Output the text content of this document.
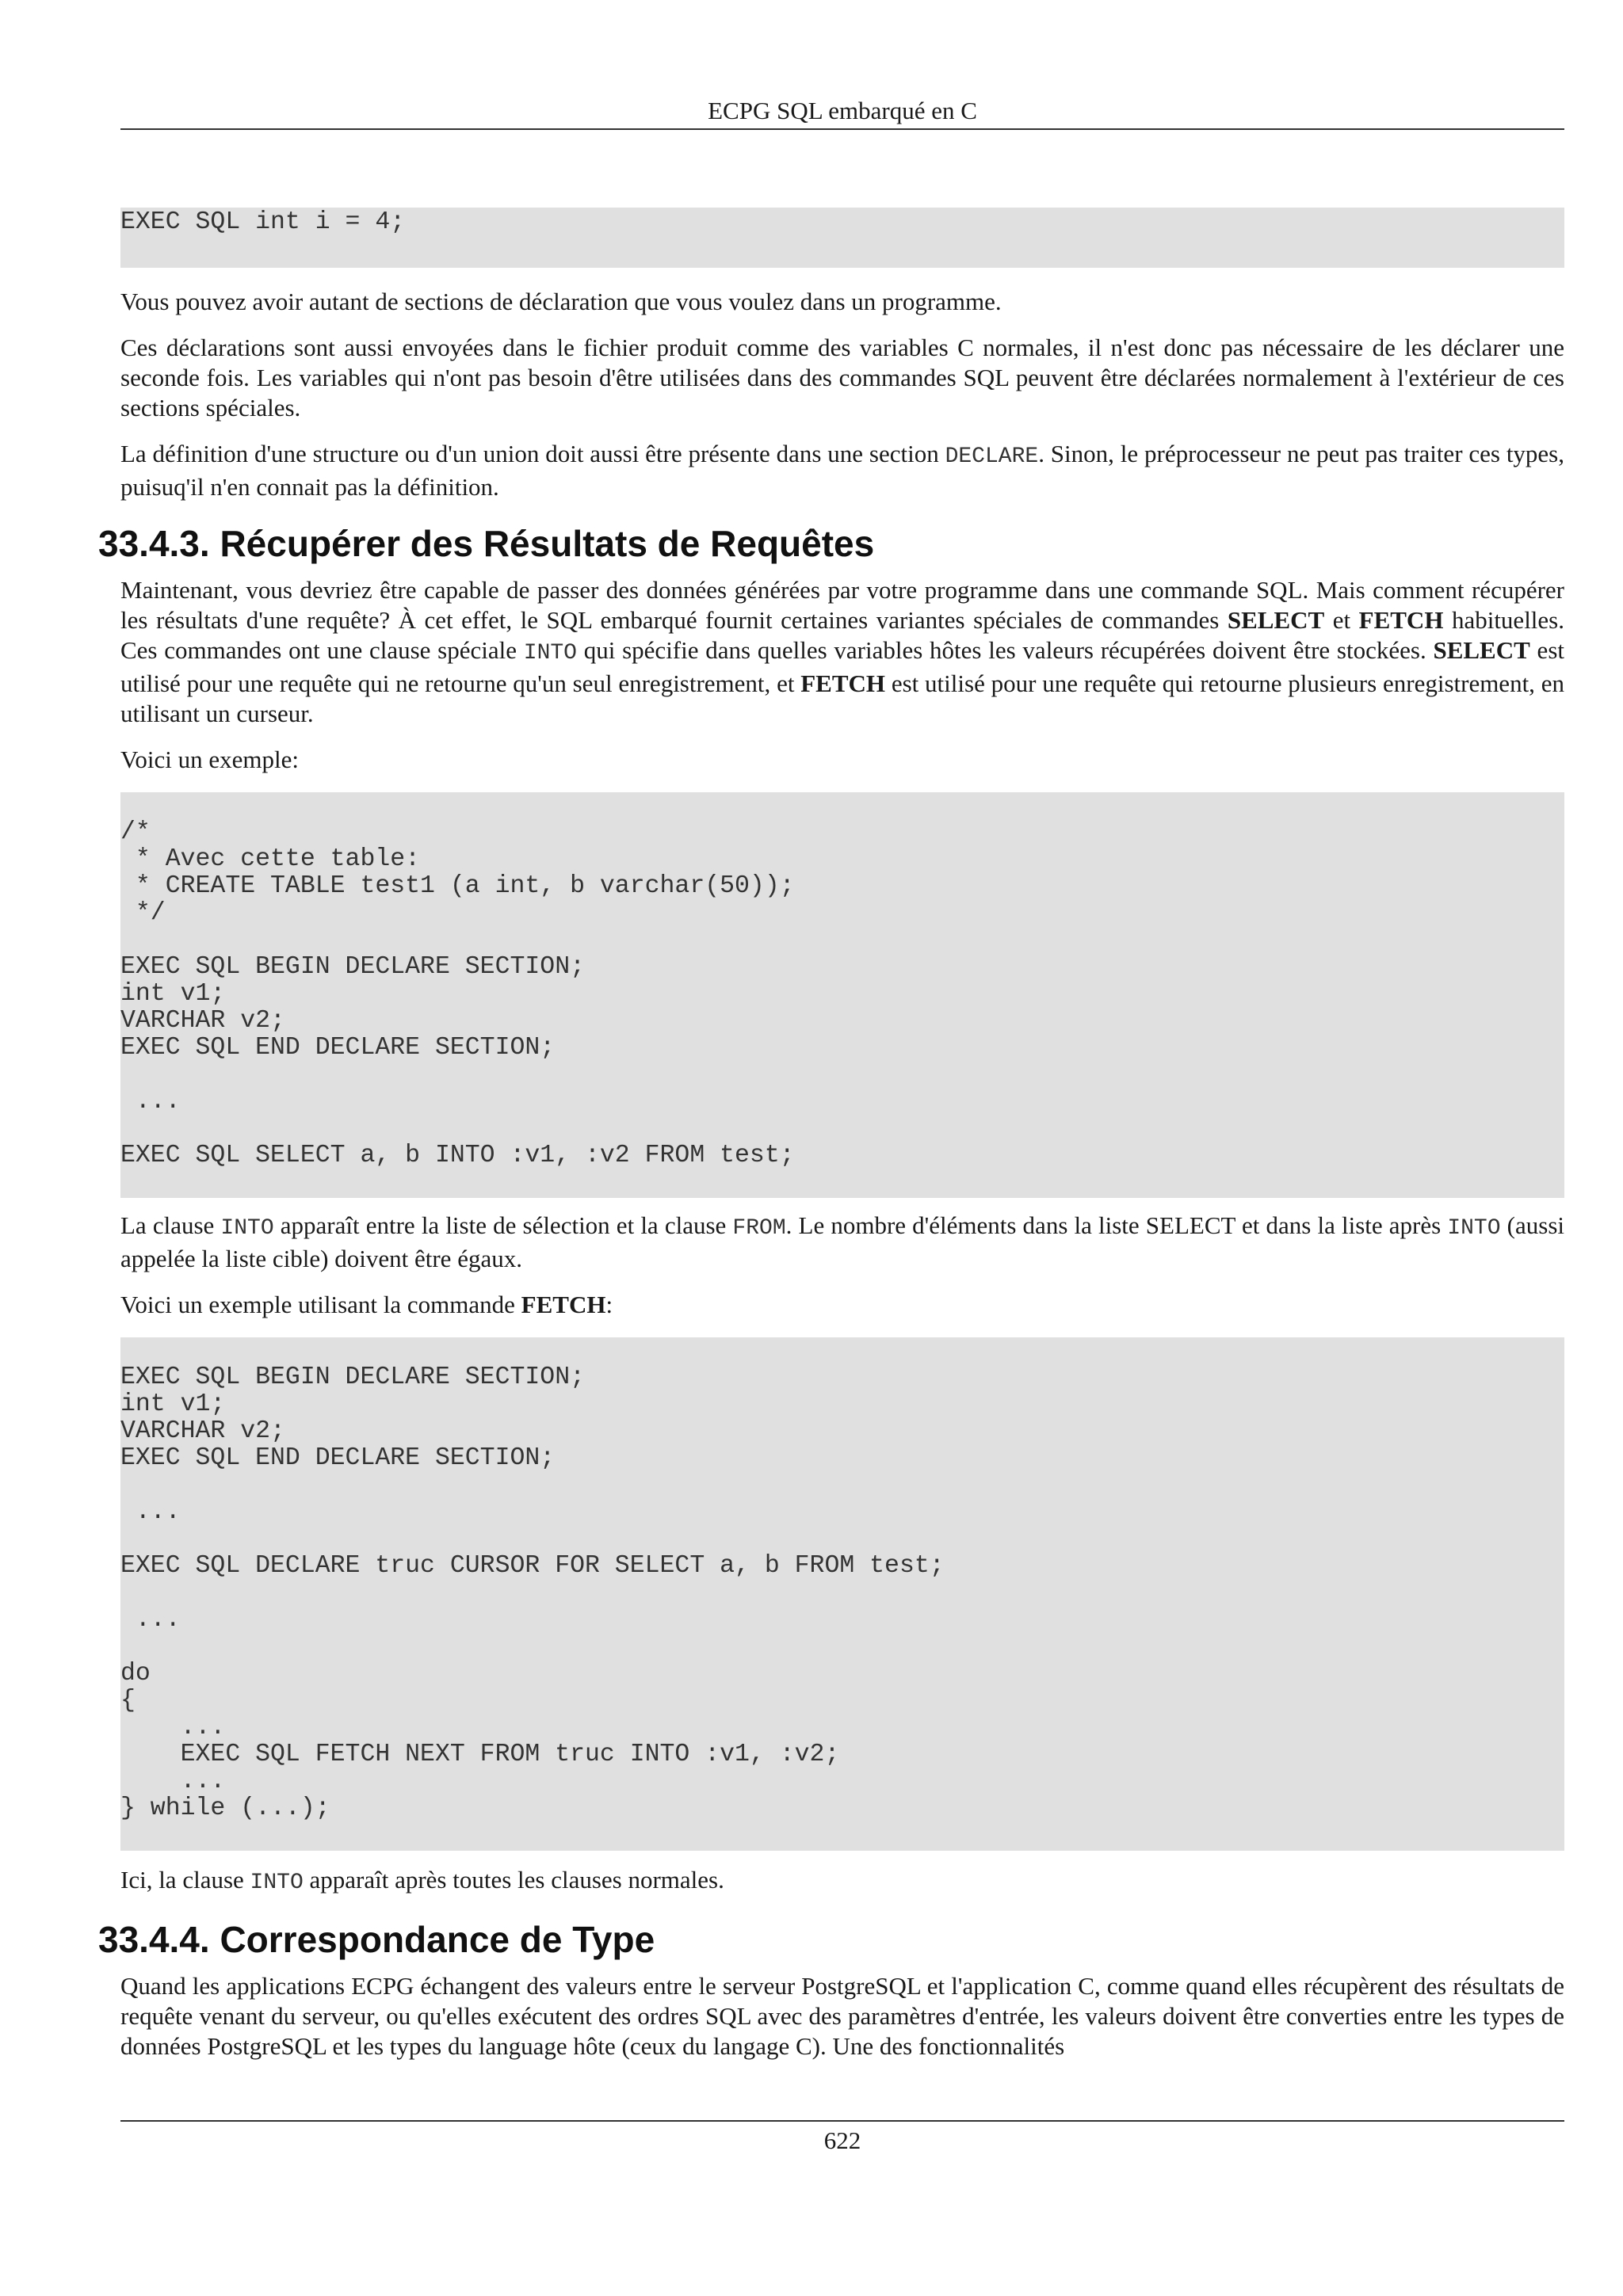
ECPG SQL embarqué en C
EXEC SQL int i = 4;

Vous pouvez avoir autant de sections de déclaration que vous voulez dans un programme.

Ces déclarations sont aussi envoyées dans le fichier produit comme des variables C normales, il n'est donc pas nécessaire de les déclarer une seconde fois. Les variables qui n'ont pas besoin d'être utilisées dans des commandes SQL peuvent être déclarées normalement à l'extérieur de ces sections spéciales.

La définition d'une structure ou d'un union doit aussi être présente dans une section DECLARE. Sinon, le préprocesseur ne peut pas traiter ces types, puisuq'il n'en connait pas la définition.

33.4.3. Récupérer des Résultats de Requêtes

Maintenant, vous devriez être capable de passer des données générées par votre programme dans une commande SQL. Mais comment récupérer les résultats d'une requête? À cet effet, le SQL embarqué fournit certaines variantes spéciales de commandes SELECT et FETCH habituelles. Ces commandes ont une clause spéciale INTO qui spécifie dans quelles variables hôtes les valeurs récupérées doivent être stockées. SELECT est utilisé pour une requête qui ne retourne qu'un seul enregistrement, et FETCH est utilisé pour une requête qui retourne plusieurs enregistrement, en utilisant un curseur.

Voici un exemple:

/*
* Avec cette table:
* CREATE TABLE test1 (a int, b varchar(50));
*/

EXEC SQL BEGIN DECLARE SECTION;
int v1;
VARCHAR v2;
EXEC SQL END DECLARE SECTION;

...

EXEC SQL SELECT a, b INTO :v1, :v2 FROM test;

La clause INTO apparaît entre la liste de sélection et la clause FROM. Le nombre d'éléments dans la liste SELECT et dans la liste après INTO (aussi appelée la liste cible) doivent être égaux.

Voici un exemple utilisant la commande FETCH:

EXEC SQL BEGIN DECLARE SECTION;
int v1;
VARCHAR v2;
EXEC SQL END DECLARE SECTION;

...

EXEC SQL DECLARE truc CURSOR FOR SELECT a, b FROM test;

...

do
{
...
EXEC SQL FETCH NEXT FROM truc INTO :v1, :v2;
...
} while (...);

Ici, la clause INTO apparaît après toutes les clauses normales.

33.4.4. Correspondance de Type

Quand les applications ECPG échangent des valeurs entre le serveur PostgreSQL et l'application C, comme quand elles récupèrent des résultats de requête venant du serveur, ou qu'elles exécutent des ordres SQL avec des paramètres d'entrée, les valeurs doivent être converties entre les types de données PostgreSQL et les types du language hôte (ceux du langage C). Une des fonctionnalités

622
